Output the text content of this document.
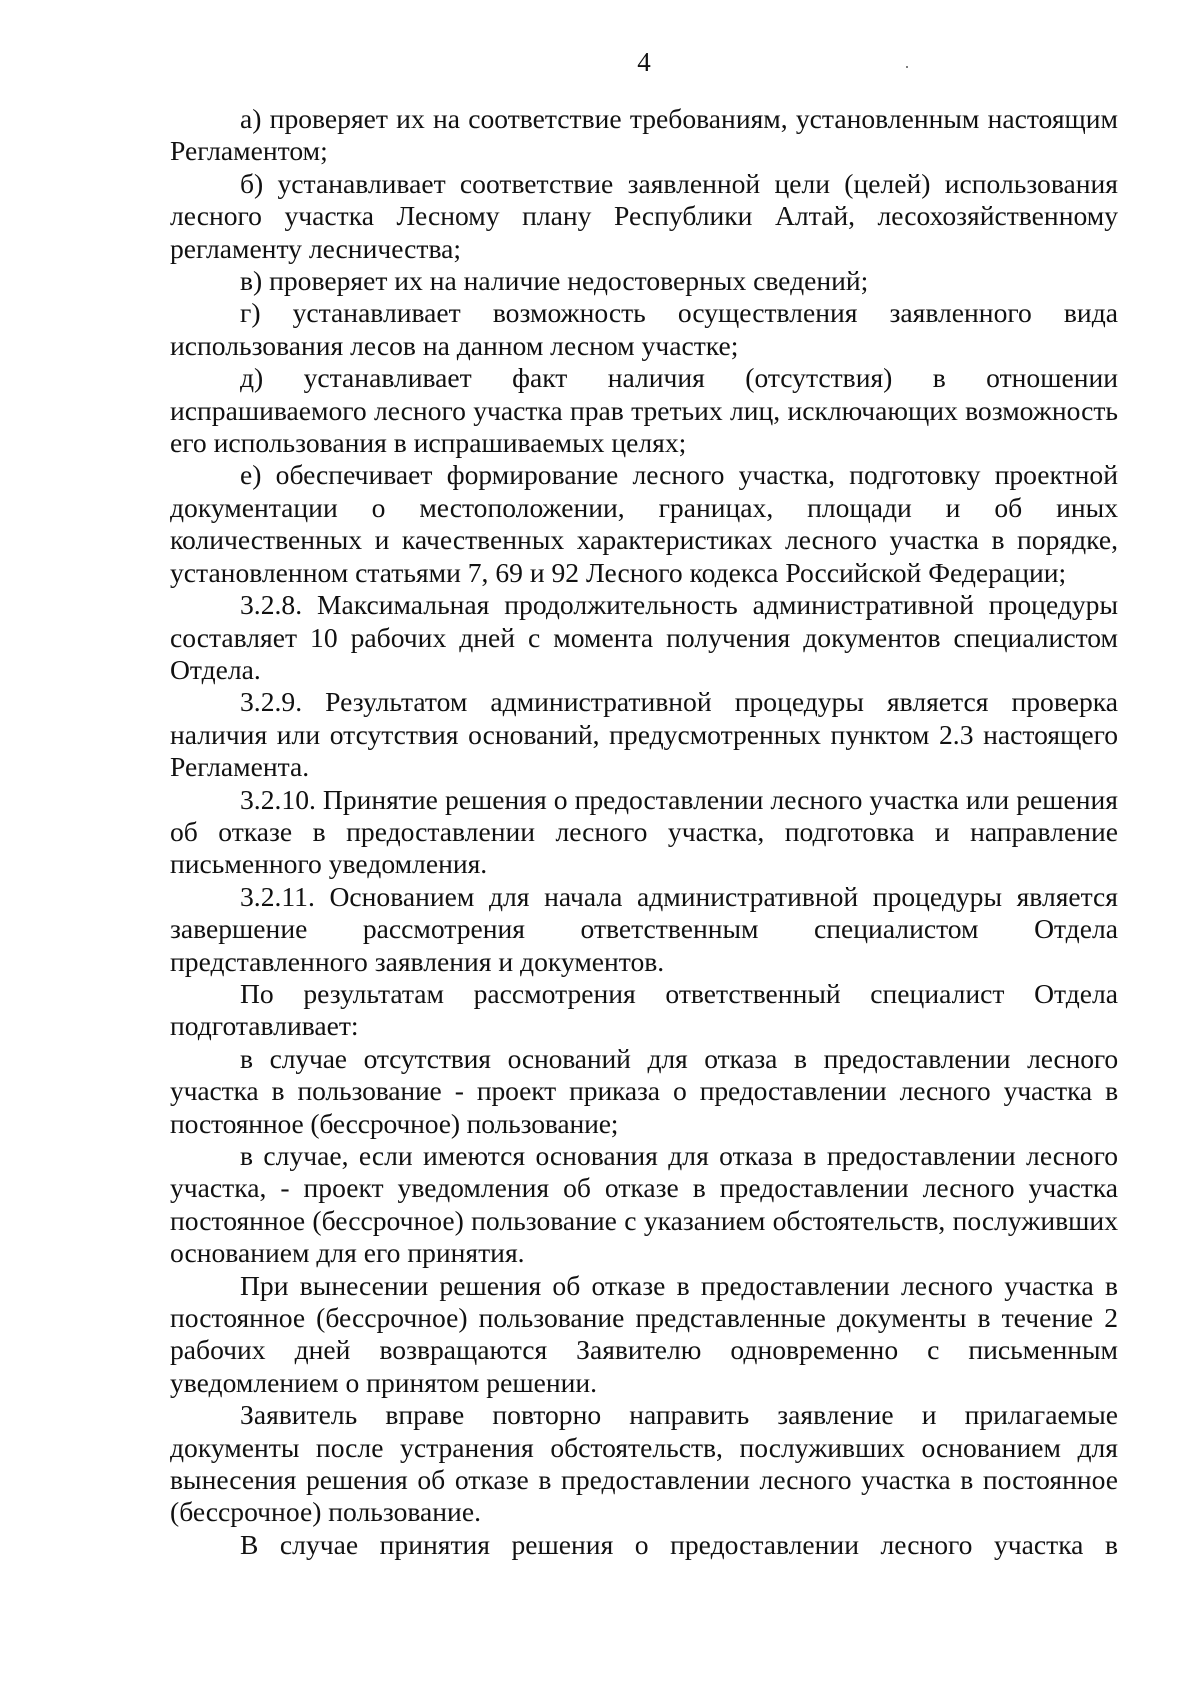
4

а) проверяет их на соответствие требованиям, установленным настоящим Регламентом;

б) устанавливает соответствие заявленной цели (целей) использования лесного участка Лесному плану Республики Алтай, лесохозяйственному регламенту лесничества;

в) проверяет их на наличие недостоверных сведений;

г) устанавливает возможность осуществления заявленного вида использования лесов на данном лесном участке;

д) устанавливает факт наличия (отсутствия) в отношении испрашиваемого лесного участка прав третьих лиц, исключающих возможность его использования в испрашиваемых целях;

е) обеспечивает формирование лесного участка, подготовку проектной документации о местоположении, границах, площади и об иных количественных и качественных характеристиках лесного участка в порядке, установленном статьями 7, 69 и 92 Лесного кодекса Российской Федерации;

3.2.8. Максимальная продолжительность административной процедуры составляет 10 рабочих дней с момента получения документов специалистом Отдела.

3.2.9. Результатом административной процедуры является проверка наличия или отсутствия оснований, предусмотренных пунктом 2.3 настоящего Регламента.

3.2.10. Принятие решения о предоставлении лесного участка или решения об отказе в предоставлении лесного участка, подготовка и направление письменного уведомления.

3.2.11. Основанием для начала административной процедуры является завершение рассмотрения ответственным специалистом Отдела представленного заявления и документов.

По результатам рассмотрения ответственный специалист Отдела подготавливает:

в случае отсутствия оснований для отказа в предоставлении лесного участка в пользование - проект приказа о предоставлении лесного участка в постоянное (бессрочное) пользование;

в случае, если имеются основания для отказа в предоставлении лесного участка, - проект уведомления об отказе в предоставлении лесного участка постоянное (бессрочное) пользование с указанием обстоятельств, послуживших основанием для его принятия.

При вынесении решения об отказе в предоставлении лесного участка в постоянное (бессрочное) пользование представленные документы в течение 2 рабочих дней возвращаются Заявителю одновременно с письменным уведомлением о принятом решении.

Заявитель вправе повторно направить заявление и прилагаемые документы после устранения обстоятельств, послуживших основанием для вынесения решения об отказе в предоставлении лесного участка в постоянное (бессрочное) пользование.

В случае принятия решения о предоставлении лесного участка в
